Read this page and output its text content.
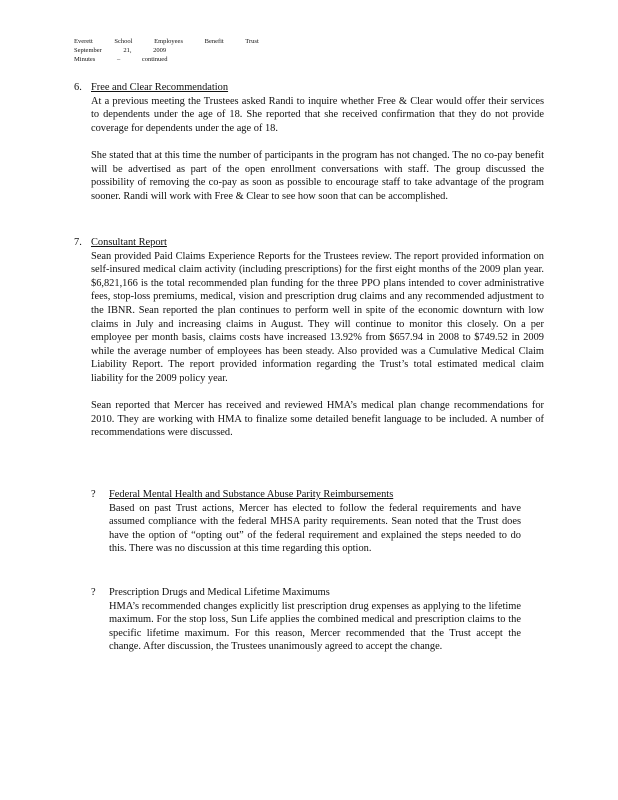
Everett	School	Employees	Benefit	Trust
September	21,	2009
Minutes	–	continued
6. Free and Clear Recommendation

At a previous meeting the Trustees asked Randi to inquire whether Free & Clear would offer their services to dependents under the age of 18. She reported that she received confirmation that they do not provide coverage for dependents under the age of 18.

She stated that at this time the number of participants in the program has not changed. The no co-pay benefit will be advertised as part of the open enrollment conversations with staff. The group discussed the possibility of removing the co-pay as soon as possible to encourage staff to take advantage of the program sooner. Randi will work with Free & Clear to see how soon that can be accomplished.

7. Consultant Report

Sean provided Paid Claims Experience Reports for the Trustees review. The report provided information on self-insured medical claim activity (including prescriptions) for the first eight months of the 2009 plan year. $6,821,166 is the total recommended plan funding for the three PPO plans intended to cover administrative fees, stop-loss premiums, medical, vision and prescription drug claims and any recommended adjustment to the IBNR. Sean reported the plan continues to perform well in spite of the economic downturn with low claims in July and increasing claims in August. They will continue to monitor this closely. On a per employee per month basis, claims costs have increased 13.92% from $657.94 in 2008 to $749.52 in 2009 while the average number of employees has been steady. Also provided was a Cumulative Medical Claim Liability Report. The report provided information regarding the Trust’s total estimated medical claim liability for the 2009 policy year.

Sean reported that Mercer has received and reviewed HMA’s medical plan change recommendations for 2010. They are working with HMA to finalize some detailed benefit language to be included. A number of recommendations were discussed.

? Federal Mental Health and Substance Abuse Parity Reimbursements

Based on past Trust actions, Mercer has elected to follow the federal requirements and have assumed compliance with the federal MHSA parity requirements. Sean noted that the Trust does have the option of “opting out” of the federal requirement and explained the steps needed to do this. There was no discussion at this time regarding this option.

? Prescription Drugs and Medical Lifetime Maximums

HMA’s recommended changes explicitly list prescription drug expenses as applying to the lifetime maximum. For the stop loss, Sun Life applies the combined medical and prescription claims to the specific lifetime maximum. For this reason, Mercer recommended that the Trust accept the change. After discussion, the Trustees unanimously agreed to accept the change.
